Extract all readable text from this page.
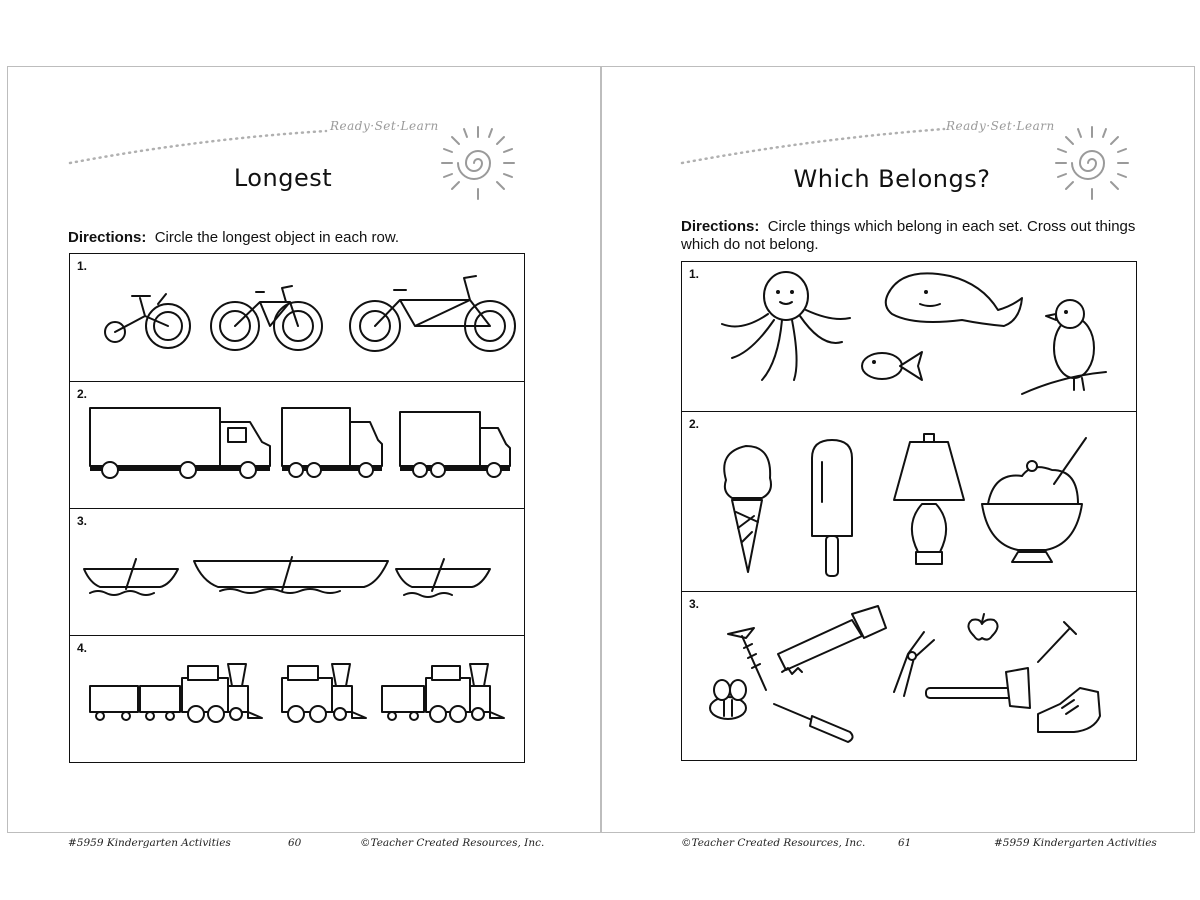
Ready·Set·Learn
Longest
Directions: Circle the longest object in each row.
1.
2.
3.
4.
#5959 Kindergarten Activities	60	©Teacher Created Resources, Inc.
Ready·Set·Learn
Which Belongs?
Directions: Circle things which belong in each set. Cross out things which do not belong.
1.
2.
3.
©Teacher Created Resources, Inc.	61	#5959 Kindergarten Activities
